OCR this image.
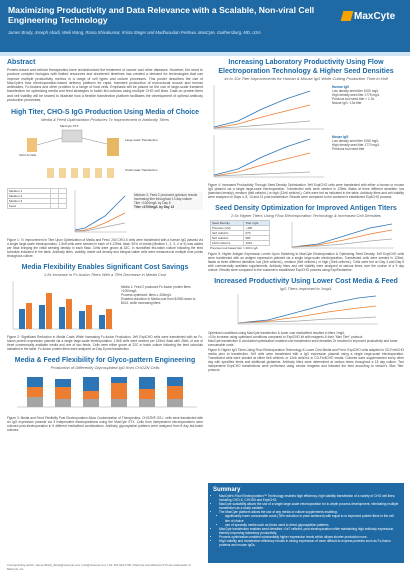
Maximizing Productivity and Data Relevance with a Scalable, Non-viral Cell Engineering Technology
James Brady, Joseph Abadi, Weili Wang, Rama Shivakumar, Krista Steger and Madhusudan Peshwa. MaxCyte, Gaithersburg, MD, USA
MaxCyte
Abstract
Protein-based and cellular therapeutics have revolutionized the treatment of cancer and other diseases. However, the need to produce complex biologics with limited resources and shortened timelines has created a demand for technologies that can improve multiple productivity metrics in a range of cell types and culture processes. This poster describes the use of MaxCyte's flow electroporation-based delivery platform for rapid, transient production of monoclonal mouse and human antibodies, Fc-fusions and other proteins in a range of host cells. Emphasis will be placed on the use of large-scale transient transfection for optimizing media and feed strategies in batch fed cultures using multiple CHO cell lines. Data on protein titers and cell viability will be shared to illustrate how a flexible transfection platform facilitates the development of optimal antibody production processes.
High Titer, CHO-S IgG Production Using Media of Choice
Media & Feed Optimization Produces 7x Improvement in Antibody Titers
CHO-S Cells
MaxCyte STX
Large scale Transfection
Small scale Transfection
Medium 1		
Medium 2		
Medium 3		
Feed		
Medium 3, Feed 2 produced optimum results
Increasing titer throughout 13 day culture
Titer >1000mg/L by Day 8
Titer >4700mg/L by Day 13
Figure 1: 7x Improvement in Titer Upon Optimization of Media and Feed. 240 CHO-S cells were transfected with a human IgG plasmid via a single large-scale electroporation. 1.5x8 cells were seeded in each of 6 125mL flask. 50% of media (Medium 1, 2, 3, 4 or 5) was added per flask bringing the initial seeding density in each flask. Cells were grown at 32C, in humidified fed-batch culture following the feed schedule indicated in the table. Antibody titers, viability, viable cell density and integral viable cells were measured at multiple time points throughout culture.
Media Flexibility Enables Significant Cost Savings
1.8x Increase in Fc-fusion Titers With a 78% Decrease in Media Cost
Media 1: Feed 2 produced Fc-fusion protein titers >1000mg/L
Process optimized: titers ≥ 400mg/L
Enabled reduction in Media cost from $1960 down to $414, while increasing titers
Figure 2: Significant Reduction in Media Costs While Increasing Fc-fusion Production. 2e9 ExpiCHO cells were transfected with an Fc-fusion protein expression plasmid via a single large-scale electroporation. 1.5e8 cells were seeded per 125mL flask with 25mL of one of three commercially available media and one of two feeds. Cells were either grown at 32C in batch culture following the feed schedule indicated in the table. Fc-fusion protein titers were analyzed on Day 8 post transfection.
Media & Feed Flexibility for Glyco-pattern Engineering
Production of Differently Glycosylated IgG from CHOZN Cells
Figure 3: Media and Feed Flexibility Post Electroporation Allow Customization of Therapeutics. CHOZN® GS-/- cells were transfected with an IgG expression plasmid via 3 independent electroporations using the MaxCyte STX. Cells from independent electroporations were cultured post-electroporation in 6 different media/feed combinations. Antibody glycosylation patterns were analyzed from 8 day fed-batch cultures.
Increasing Laboratory Productivity Using Flow Electroporation Technology & Higher Seed Densities
4x to 10x Titer Improvements for Human & Mouse IgG While Cutting Production Time in Half
Human IgG
Low density seed titer 1000 mg/L
High density seed titer 1775 mg/L
Previous tool seed titer = 1.3x
Mouse IgG: 1.5x titer
Mouse IgG
Low density seed titer 1050 mg/L
High density seed titer 1770 mg/L
Previous tool seed titer
Figure 4: Increased Productivity Through Seed Density Optimization. 9e9 ExpiCHO cells were transfected with either a human or mouse IgG plasmid via a single large-scale electroporation. Transfected cells were seeded in 125mL flasks at three different densities: low (standard density), medium (6e6 cells/mL) or high (12e6 cells/mL). Cells were fed as indicated in the table. Antibody titers and cell viability were analyzed on Days 4, 8, 10 and 12 post-transfection. Results were compared to the customer's established ExpiCHO process.
Seed Density Optimization for Improved Antigen Titers
2.5x Higher Titers Using Flow Electroporation Technology & Increased Cell Densities
Seed Density	Titer mg/L
Previous (std)	~400
3e6 cells/mL	670
5e6 cells/mL	980
10e6 cells/mL	1010
Previous tool based titer = 400 mg/L
Figure 5: Higher Antigen Expression Levels Upon Switching to MaxCyte Electroporation & Optimizing Seed Density. 2e9 ExpiCHO cells were transfected with an antigen expression plasmid via a single large-scale electroporation. Transfected cells were seeded in 125mL flasks at three different densities: low (3e6 cells/mL), medium (5e6 cells/mL) or high (10e6 cells/mL). Cells were fed on Day 3 and Day 8 with commercially available supplements. Antibody titers and cell viability were analyzed at various times over the course of a 9 day culture. Results were compared to the customer's established ExpiCHO process using ExpiFectamine.
Increased Productivity Using Lower Cost Media & Feed
IgG Titers Improved to 1mg/L
Optimized conditions using MaxCyte transfection & lower cost media/feed resulted in titers 1mg/L
>3.5x increase using optimized conditions compared to ExpiCHO kit with reagents & their "Max Titer" protocol
MaxCyte transfection & conducted optimization enabled cost transfection seed densities 2x resulted in improved productivity and lower consumable costs
Figure 6: Higher IgG Titers Using Flow Electroporation Technology & Lower Cost Media and Feed. ExpiCHO cells adapted to CD-FortiCHO media prior to transfection. 3e9 cells were transfected with a IgG expression plasmid using a single large-scale electroporation. Transfected cells were seeded at either 6e6 cells/mL or 12e6 cells/mL in CD-FortiCHO media. Cultures were supplemented every other day with specified feeds and additional glutamine. Antibody titers were determined at various times throughout a 15 day culture. Two independent ExpiCHO transfections were performed using vendor reagents and followed the feed according to vendor's 'Max Titer' protocol.
Summary
• MaxCyte's Flow Electroporation™ Technology enables high efficiency, high viability transfection of a variety of CHO cell lines, including CHO-S, CHOZN and ExpiCHO.
• MaxCyte scalability allows the use of a single large-scale electroporation for in-depth process development, eliminating multiple transfection as a study variable.
• The MaxCyte platform allows the use of any media or culture supplements enabling:
• significantly lower consumable costs (78% reduction in price achieved) with equal to or improved protein titers in the cell line of choice
• use of specialty media such as those used to direct glycosylation patterns
• MaxCyte transfection enables seed densities >1e7 cells/mL post electroporation while maintaining high antibody expression, thereby improving laboratory productivity.
• Process optimization enabled substantially higher expression levels which allows shorter production runs.
• High viability and transfection efficiency results in strong expression of more difficult-to-express proteins such as Fc-fusion proteins and mouse IgGs.
Corresponding author: James Brady, jbrady@maxcyte.com | info@maxcyte.com | Tel: 301-944-1700 | MaxCyte and MaxCyte STX are trademarks of MaxCyte, Inc.
